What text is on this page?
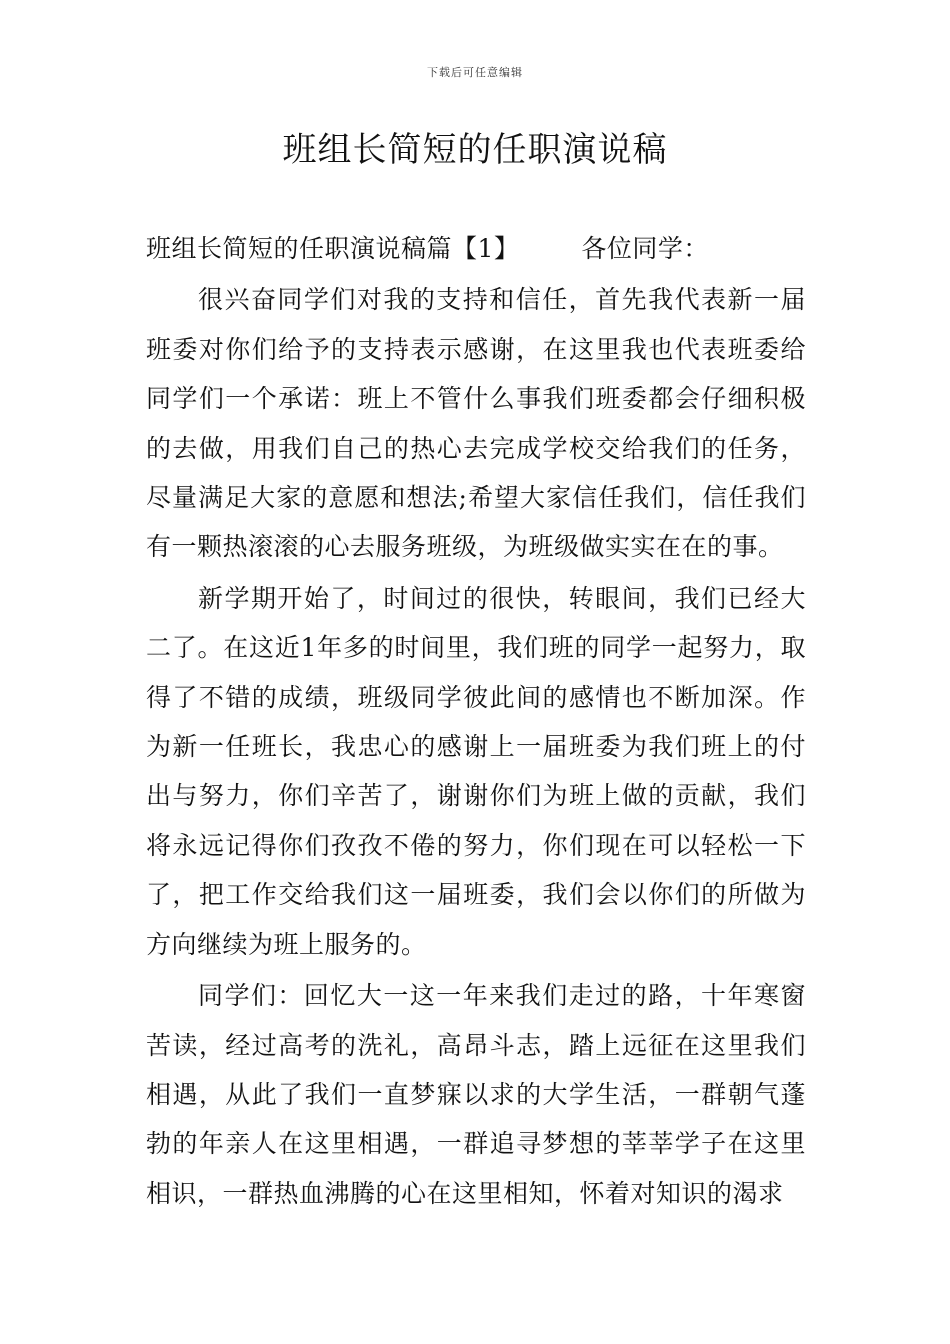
下载后可任意编辑
班组长简短的任职演说稿

班组长简短的任职演说稿篇【1】 各位同学：

很兴奋同学们对我的支持和信任，首先我代表新一届班委对你们给予的支持表示感谢，在这里我也代表班委给同学们一个承诺：班上不管什么事我们班委都会仔细积极的去做，用我们自己的热心去完成学校交给我们的任务，尽量满足大家的意愿和想法;希望大家信任我们，信任我们有一颗热滚滚的心去服务班级，为班级做实实在在的事。

新学期开始了，时间过的很快，转眼间，我们已经大二了。在这近1年多的时间里，我们班的同学一起努力，取得了不错的成绩，班级同学彼此间的感情也不断加深。作为新一任班长，我忠心的感谢上一届班委为我们班上的付出与努力，你们辛苦了，谢谢你们为班上做的贡献，我们将永远记得你们孜孜不倦的努力，你们现在可以轻松一下了，把工作交给我们这一届班委，我们会以你们的所做为方向继续为班上服务的。

同学们：回忆大一这一年来我们走过的路，十年寒窗苦读，经过高考的洗礼，高昂斗志，踏上远征在这里我们相遇，从此了我们一直梦寐以求的大学生活，一群朝气蓬勃的年亲人在这里相遇，一群追寻梦想的莘莘学子在这里相识，一群热血沸腾的心在这里相知，怀着对知识的渴求
